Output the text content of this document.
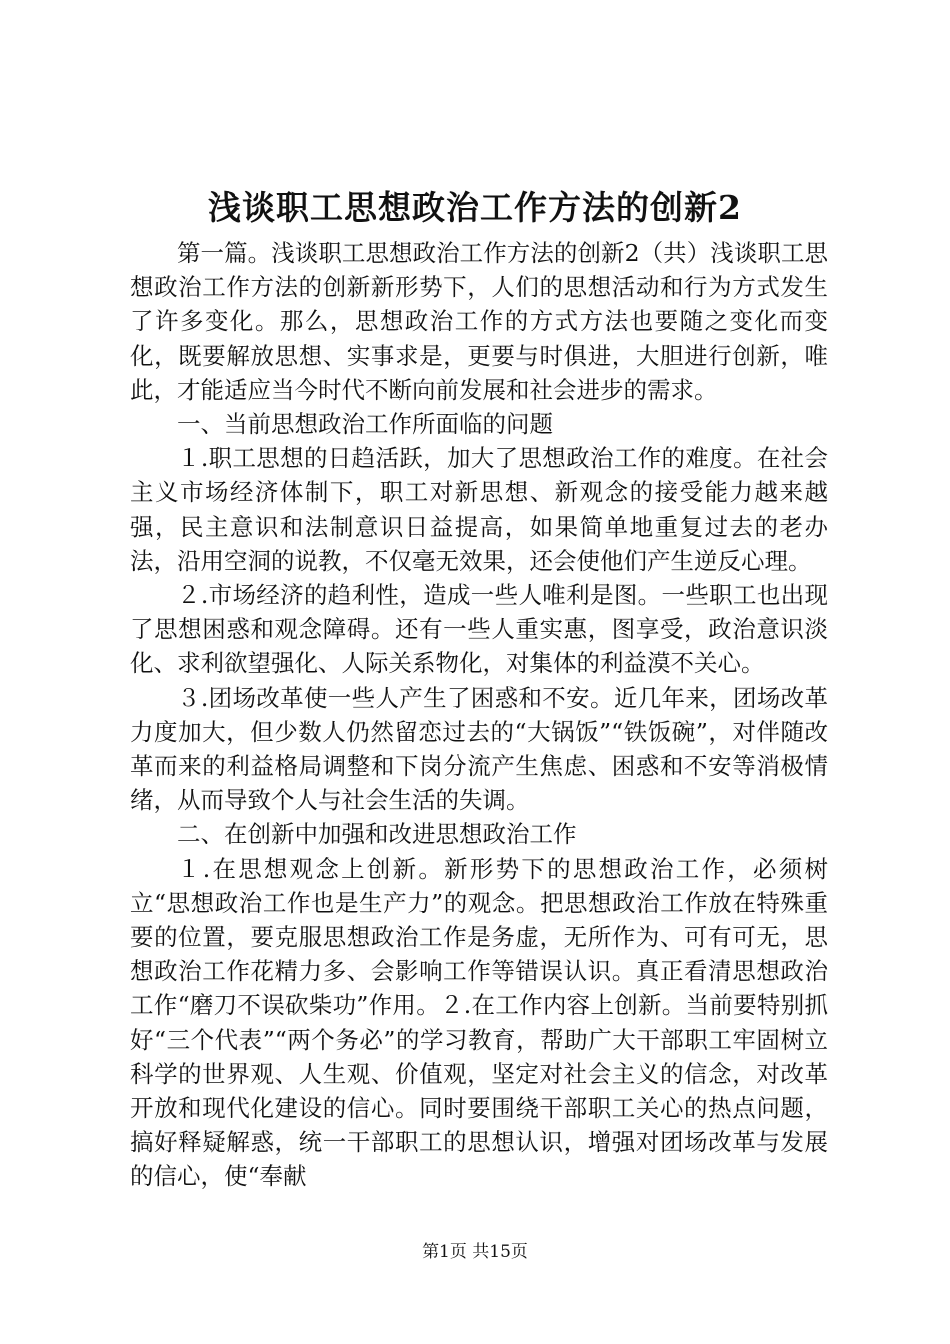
浅谈职工思想政治工作方法的创新2

第一篇。浅谈职工思想政治工作方法的创新2（共）浅谈职工思想政治工作方法的创新新形势下，人们的思想活动和行为方式发生了许多变化。那么，思想政治工作的方式方法也要随之变化而变化，既要解放思想、实事求是，更要与时俱进，大胆进行创新，唯此，才能适应当今时代不断向前发展和社会进步的需求。

一、当前思想政治工作所面临的问题

１.职工思想的日趋活跃，加大了思想政治工作的难度。在社会主义市场经济体制下，职工对新思想、新观念的接受能力越来越强，民主意识和法制意识日益提高，如果简单地重复过去的老办法，沿用空洞的说教，不仅毫无效果，还会使他们产生逆反心理。

２.市场经济的趋利性，造成一些人唯利是图。一些职工也出现了思想困惑和观念障碍。还有一些人重实惠，图享受，政治意识淡化、求利欲望强化、人际关系物化，对集体的利益漠不关心。

３.团场改革使一些人产生了困惑和不安。近几年来，团场改革力度加大，但少数人仍然留恋过去的“大锅饭”“铁饭碗”，对伴随改革而来的利益格局调整和下岗分流产生焦虑、困惑和不安等消极情绪，从而导致个人与社会生活的失调。

二、在创新中加强和改进思想政治工作

１.在思想观念上创新。新形势下的思想政治工作，必须树立“思想政治工作也是生产力”的观念。把思想政治工作放在特殊重要的位置，要克服思想政治工作是务虚，无所作为、可有可无，思想政治工作花精力多、会影响工作等错误认识。真正看清思想政治工作“磨刀不误砍柴功”作用。２.在工作内容上创新。当前要特别抓好“三个代表”“两个务必”的学习教育，帮助广大干部职工牢固树立科学的世界观、人生观、价值观，坚定对社会主义的信念，对改革开放和现代化建设的信心。同时要围绕干部职工关心的热点问题，搞好释疑解惑，统一干部职工的思想认识，增强对团场改革与发展的信心，使“奉献

第1页 共15页
